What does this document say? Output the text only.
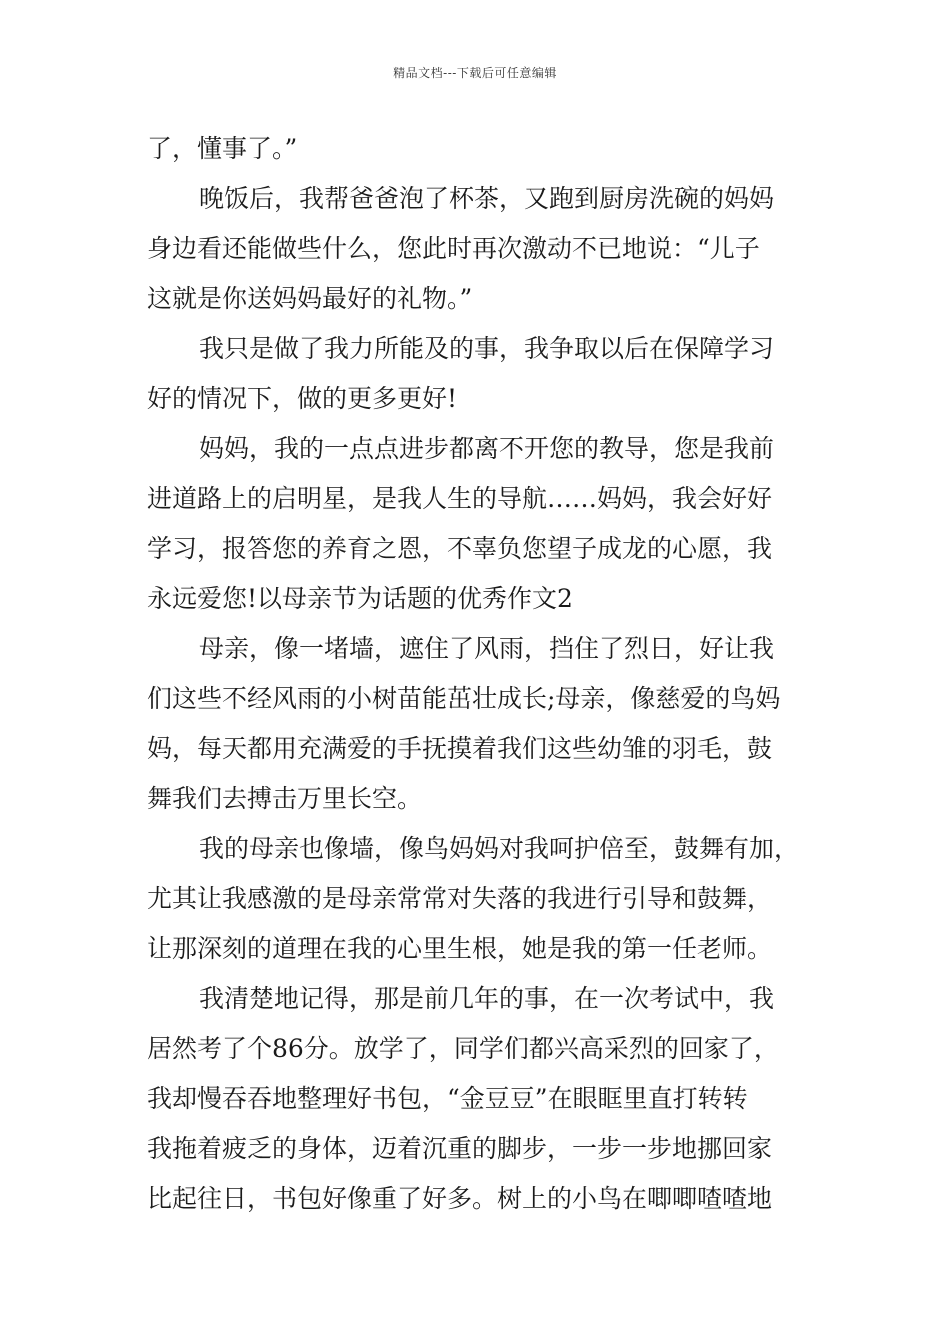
精品文档---下载后可任意编辑
了，懂事了。”
晚饭后，我帮爸爸泡了杯茶，又跑到厨房洗碗的妈妈
身边看还能做些什么，您此时再次激动不已地说：“儿子
这就是你送妈妈最好的礼物。”
我只是做了我力所能及的事，我争取以后在保障学习
好的情况下，做的更多更好!
妈妈，我的一点点进步都离不开您的教导，您是我前
进道路上的启明星，是我人生的导航……妈妈，我会好好
学习，报答您的养育之恩，不辜负您望子成龙的心愿，我
永远爱您!以母亲节为话题的优秀作文2
母亲，像一堵墙，遮住了风雨，挡住了烈日，好让我
们这些不经风雨的小树苗能茁壮成长;母亲，像慈爱的鸟妈
妈，每天都用充满爱的手抚摸着我们这些幼雏的羽毛，鼓
舞我们去搏击万里长空。
我的母亲也像墙，像鸟妈妈对我呵护倍至，鼓舞有加，
尤其让我感激的是母亲常常对失落的我进行引导和鼓舞，
让那深刻的道理在我的心里生根，她是我的第一任老师。
我清楚地记得，那是前几年的事，在一次考试中，我
居然考了个86分。放学了，同学们都兴高采烈的回家了，
我却慢吞吞地整理好书包，“金豆豆”在眼眶里直打转转
我拖着疲乏的身体，迈着沉重的脚步，一步一步地挪回家
比起往日，书包好像重了好多。树上的小鸟在唧唧喳喳地
